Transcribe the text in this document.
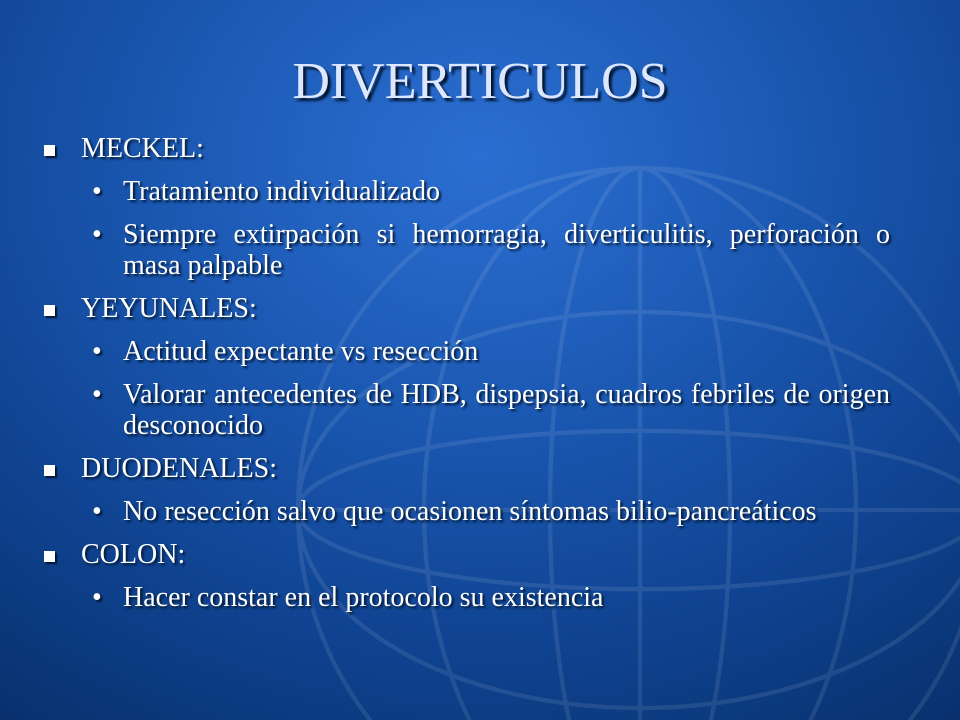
DIVERTICULOS
MECKEL:
• Tratamiento individualizado
• Siempre extirpación si hemorragia, diverticulitis, perforación o masa palpable
YEYUNALES:
• Actitud expectante vs resección
• Valorar antecedentes de HDB, dispepsia, cuadros febriles de origen desconocido
DUODENALES:
• No resección salvo que ocasionen síntomas bilio-pancreáticos
COLON:
• Hacer constar en el protocolo su existencia
